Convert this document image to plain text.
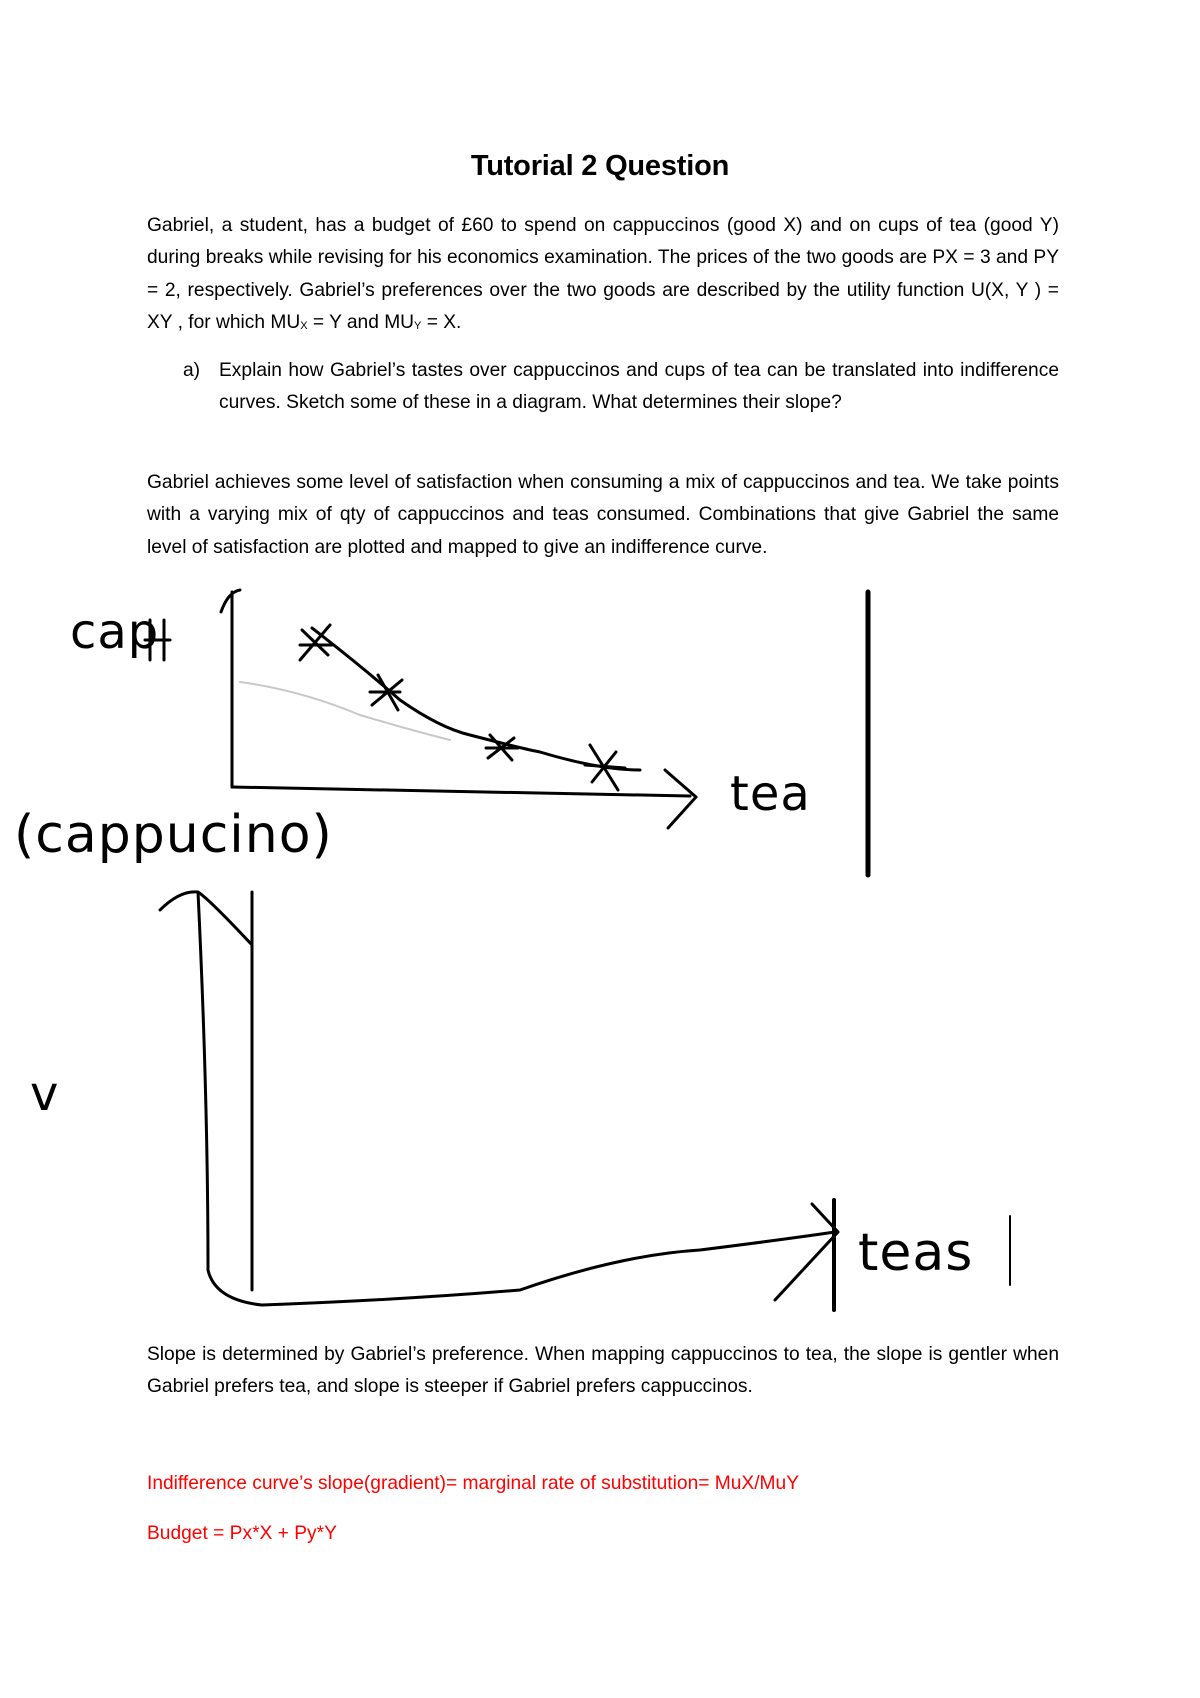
Tutorial 2 Question

Gabriel, a student, has a budget of £60 to spend on cappuccinos (good X) and on cups of tea (good Y) during breaks while revising for his economics examination. The prices of the two goods are PX = 3 and PY = 2, respectively. Gabriel’s preferences over the two goods are described by the utility function U(X, Y ) = XY , for which $MU_X = Y$ and $MU_Y = X$.

a) Explain how Gabriel’s tastes over cappuccinos and cups of tea can be translated into indifference curves. Sketch some of these in a diagram. What determines their slope?

Gabriel achieves some level of satisfaction when consuming a mix of cappuccinos and tea. We take points with a varying mix of qty of cappuccinos and teas consumed. Combinations that give Gabriel the same level of satisfaction are plotted and mapped to give an indifference curve.

Slope is determined by Gabriel’s preference. When mapping cappuccinos to tea, the slope is gentler when Gabriel prefers tea, and slope is steeper if Gabriel prefers cappuccinos.

Indifference curve’s slope(gradient)= marginal rate of substitution= MuX/MuY

Budget = Px*X + Py*Y

cap
tea
(cappucino)
teas
v
